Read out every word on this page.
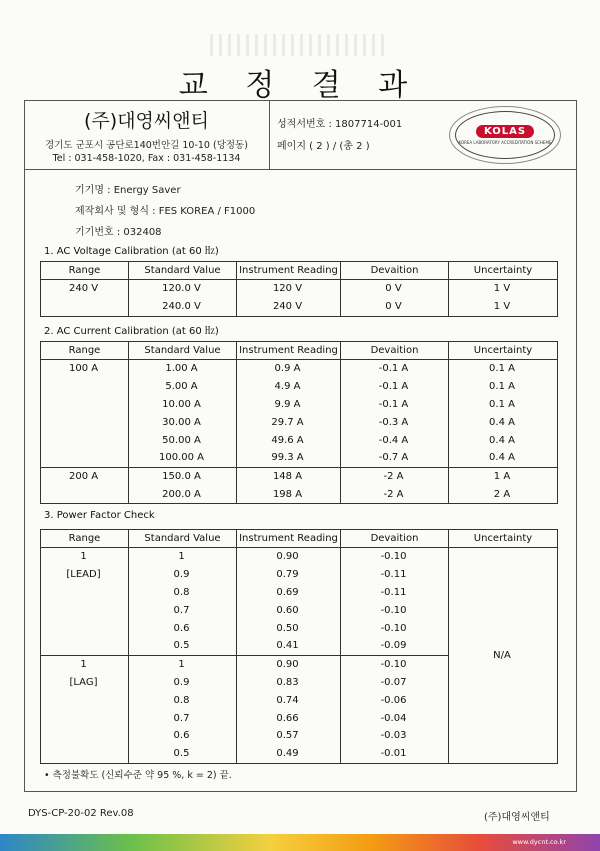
교 정 결 과
(주)대영씨앤티
경기도 군포시 공단로140번안길 10-10 (당정동)
Tel : 031-458-1020, Fax : 031-458-1134
성적서번호 : 1807714-001
페이지 ( 2 ) / (총 2 )
KOLAS
KOREA LABORATORY ACCREDITATION SCHEME
기기명 : Energy Saver
제작회사 및 형식 : FES KOREA / F1000
기기번호 : 032408
1. AC Voltage Calibration (at 60 ㎐)
Range	Standard Value	Instrument Reading	Devaition	Uncertainty
240 V	120.0 V	120 V	0 V	1 V
	240.0 V	240 V	0 V	1 V
2. AC Current Calibration (at 60 ㎐)
Range	Standard Value	Instrument Reading	Devaition	Uncertainty
100 A	1.00 A	0.9 A	-0.1 A	0.1 A
	5.00 A	4.9 A	-0.1 A	0.1 A
	10.00 A	9.9 A	-0.1 A	0.1 A
	30.00 A	29.7 A	-0.3 A	0.4 A
	50.00 A	49.6 A	-0.4 A	0.4 A
	100.00 A	99.3 A	-0.7 A	0.4 A
200 A	150.0 A	148 A	-2 A	1 A
	200.0 A	198 A	-2 A	2 A
3. Power Factor Check
Range	Standard Value	Instrument Reading	Devaition	Uncertainty
1	1	0.90	-0.10	N/A
[LEAD]	0.9	0.79	-0.11	
	0.8	0.69	-0.11	
	0.7	0.60	-0.10	
	0.6	0.50	-0.10	
	0.5	0.41	-0.09	
1	1	0.90	-0.10	
[LAG]	0.9	0.83	-0.07	
	0.8	0.74	-0.06	
	0.7	0.66	-0.04	
	0.6	0.57	-0.03	
	0.5	0.49	-0.01	
• 측정불확도 (신뢰수준 약 95 %, k = 2) 끝.
DYS-CP-20-02 Rev.08	(주)대영씨앤티
www.dycnt.co.kr
